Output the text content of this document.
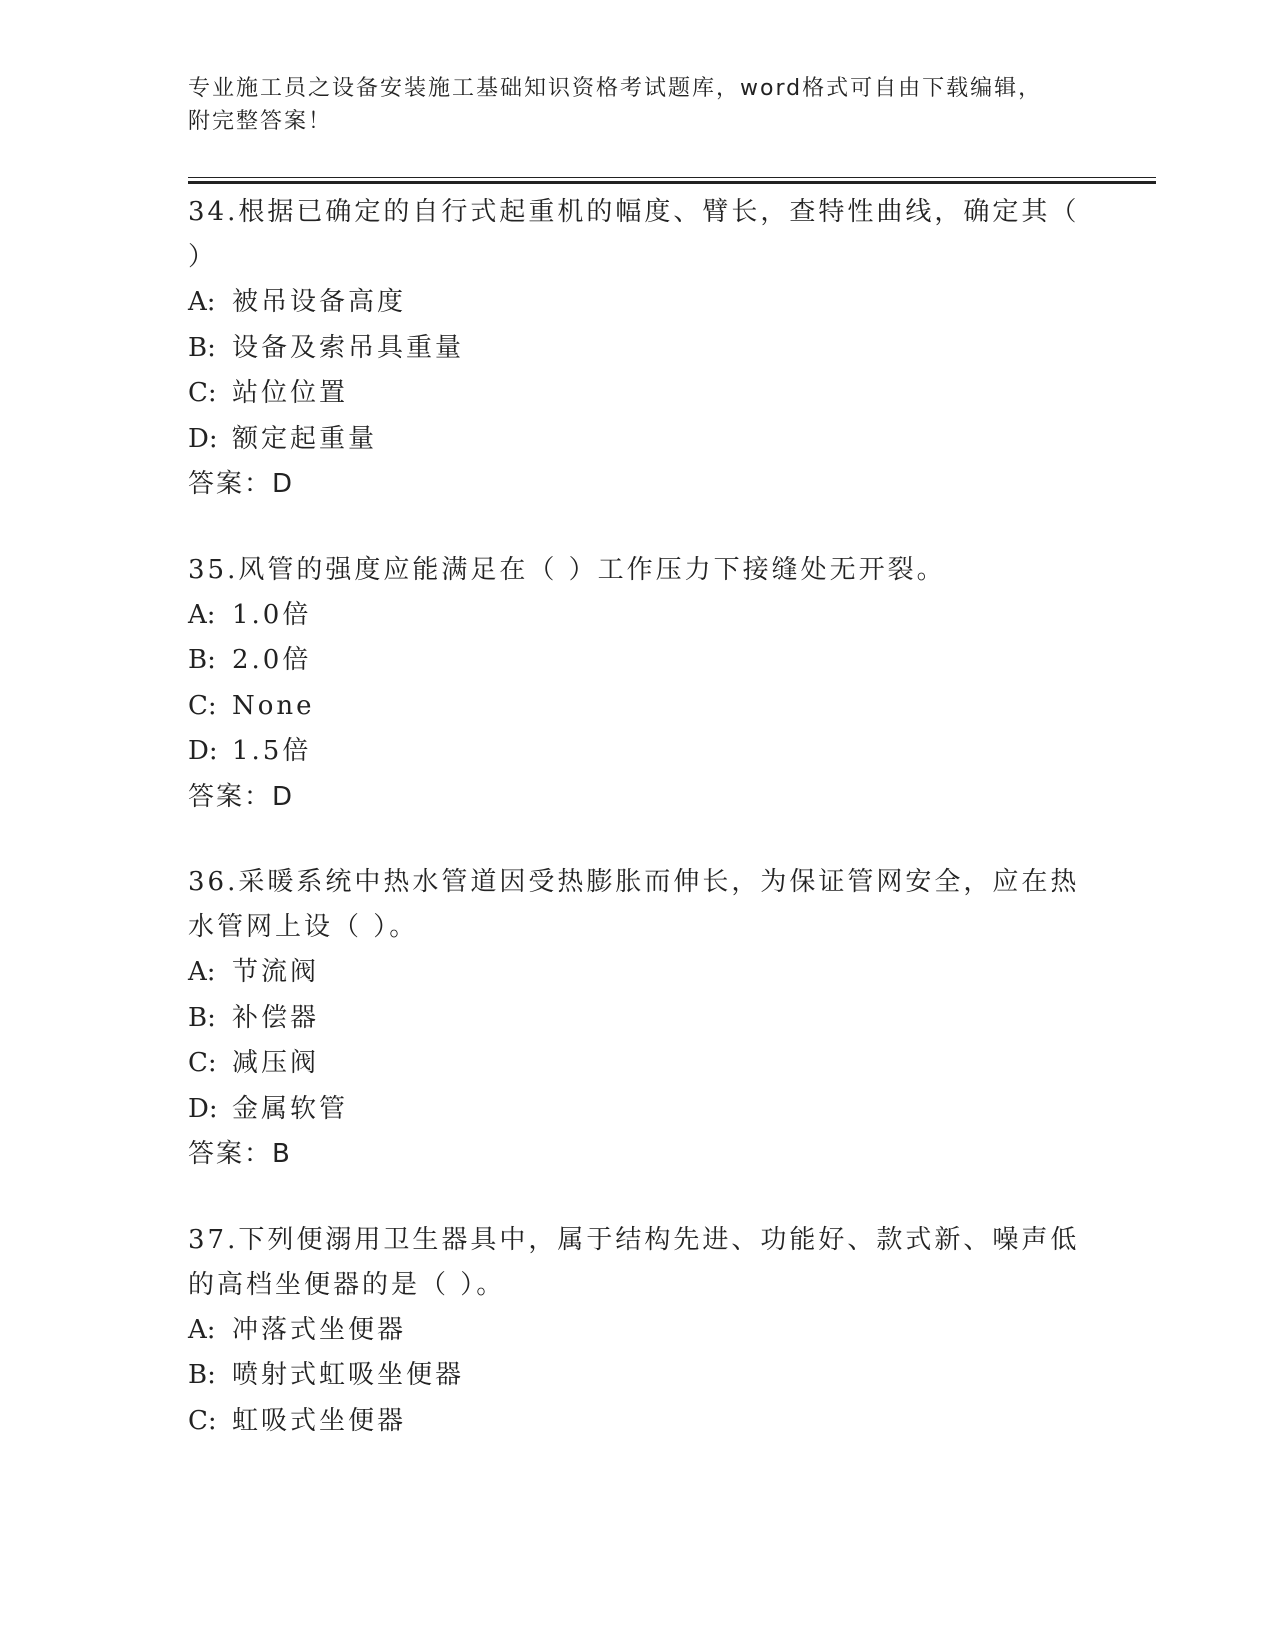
专业施工员之设备安装施工基础知识资格考试题库，word格式可自由下载编辑，
附完整答案！

34.根据已确定的自行式起重机的幅度、臂长，查特性曲线，确定其（ ）

A: 被吊设备高度

B: 设备及索吊具重量

C: 站位位置

D: 额定起重量

答案：D

35.风管的强度应能满足在（ ）工作压力下接缝处无开裂。

A: 1.0倍

B: 2.0倍

C: None

D: 1.5倍

答案：D

36.采暖系统中热水管道因受热膨胀而伸长，为保证管网安全，应在热水管网上设（ ）。

A: 节流阀

B: 补偿器

C: 减压阀

D: 金属软管

答案：B

37.下列便溺用卫生器具中，属于结构先进、功能好、款式新、噪声低的高档坐便器的是（ ）。

A: 冲落式坐便器

B: 喷射式虹吸坐便器

C: 虹吸式坐便器
